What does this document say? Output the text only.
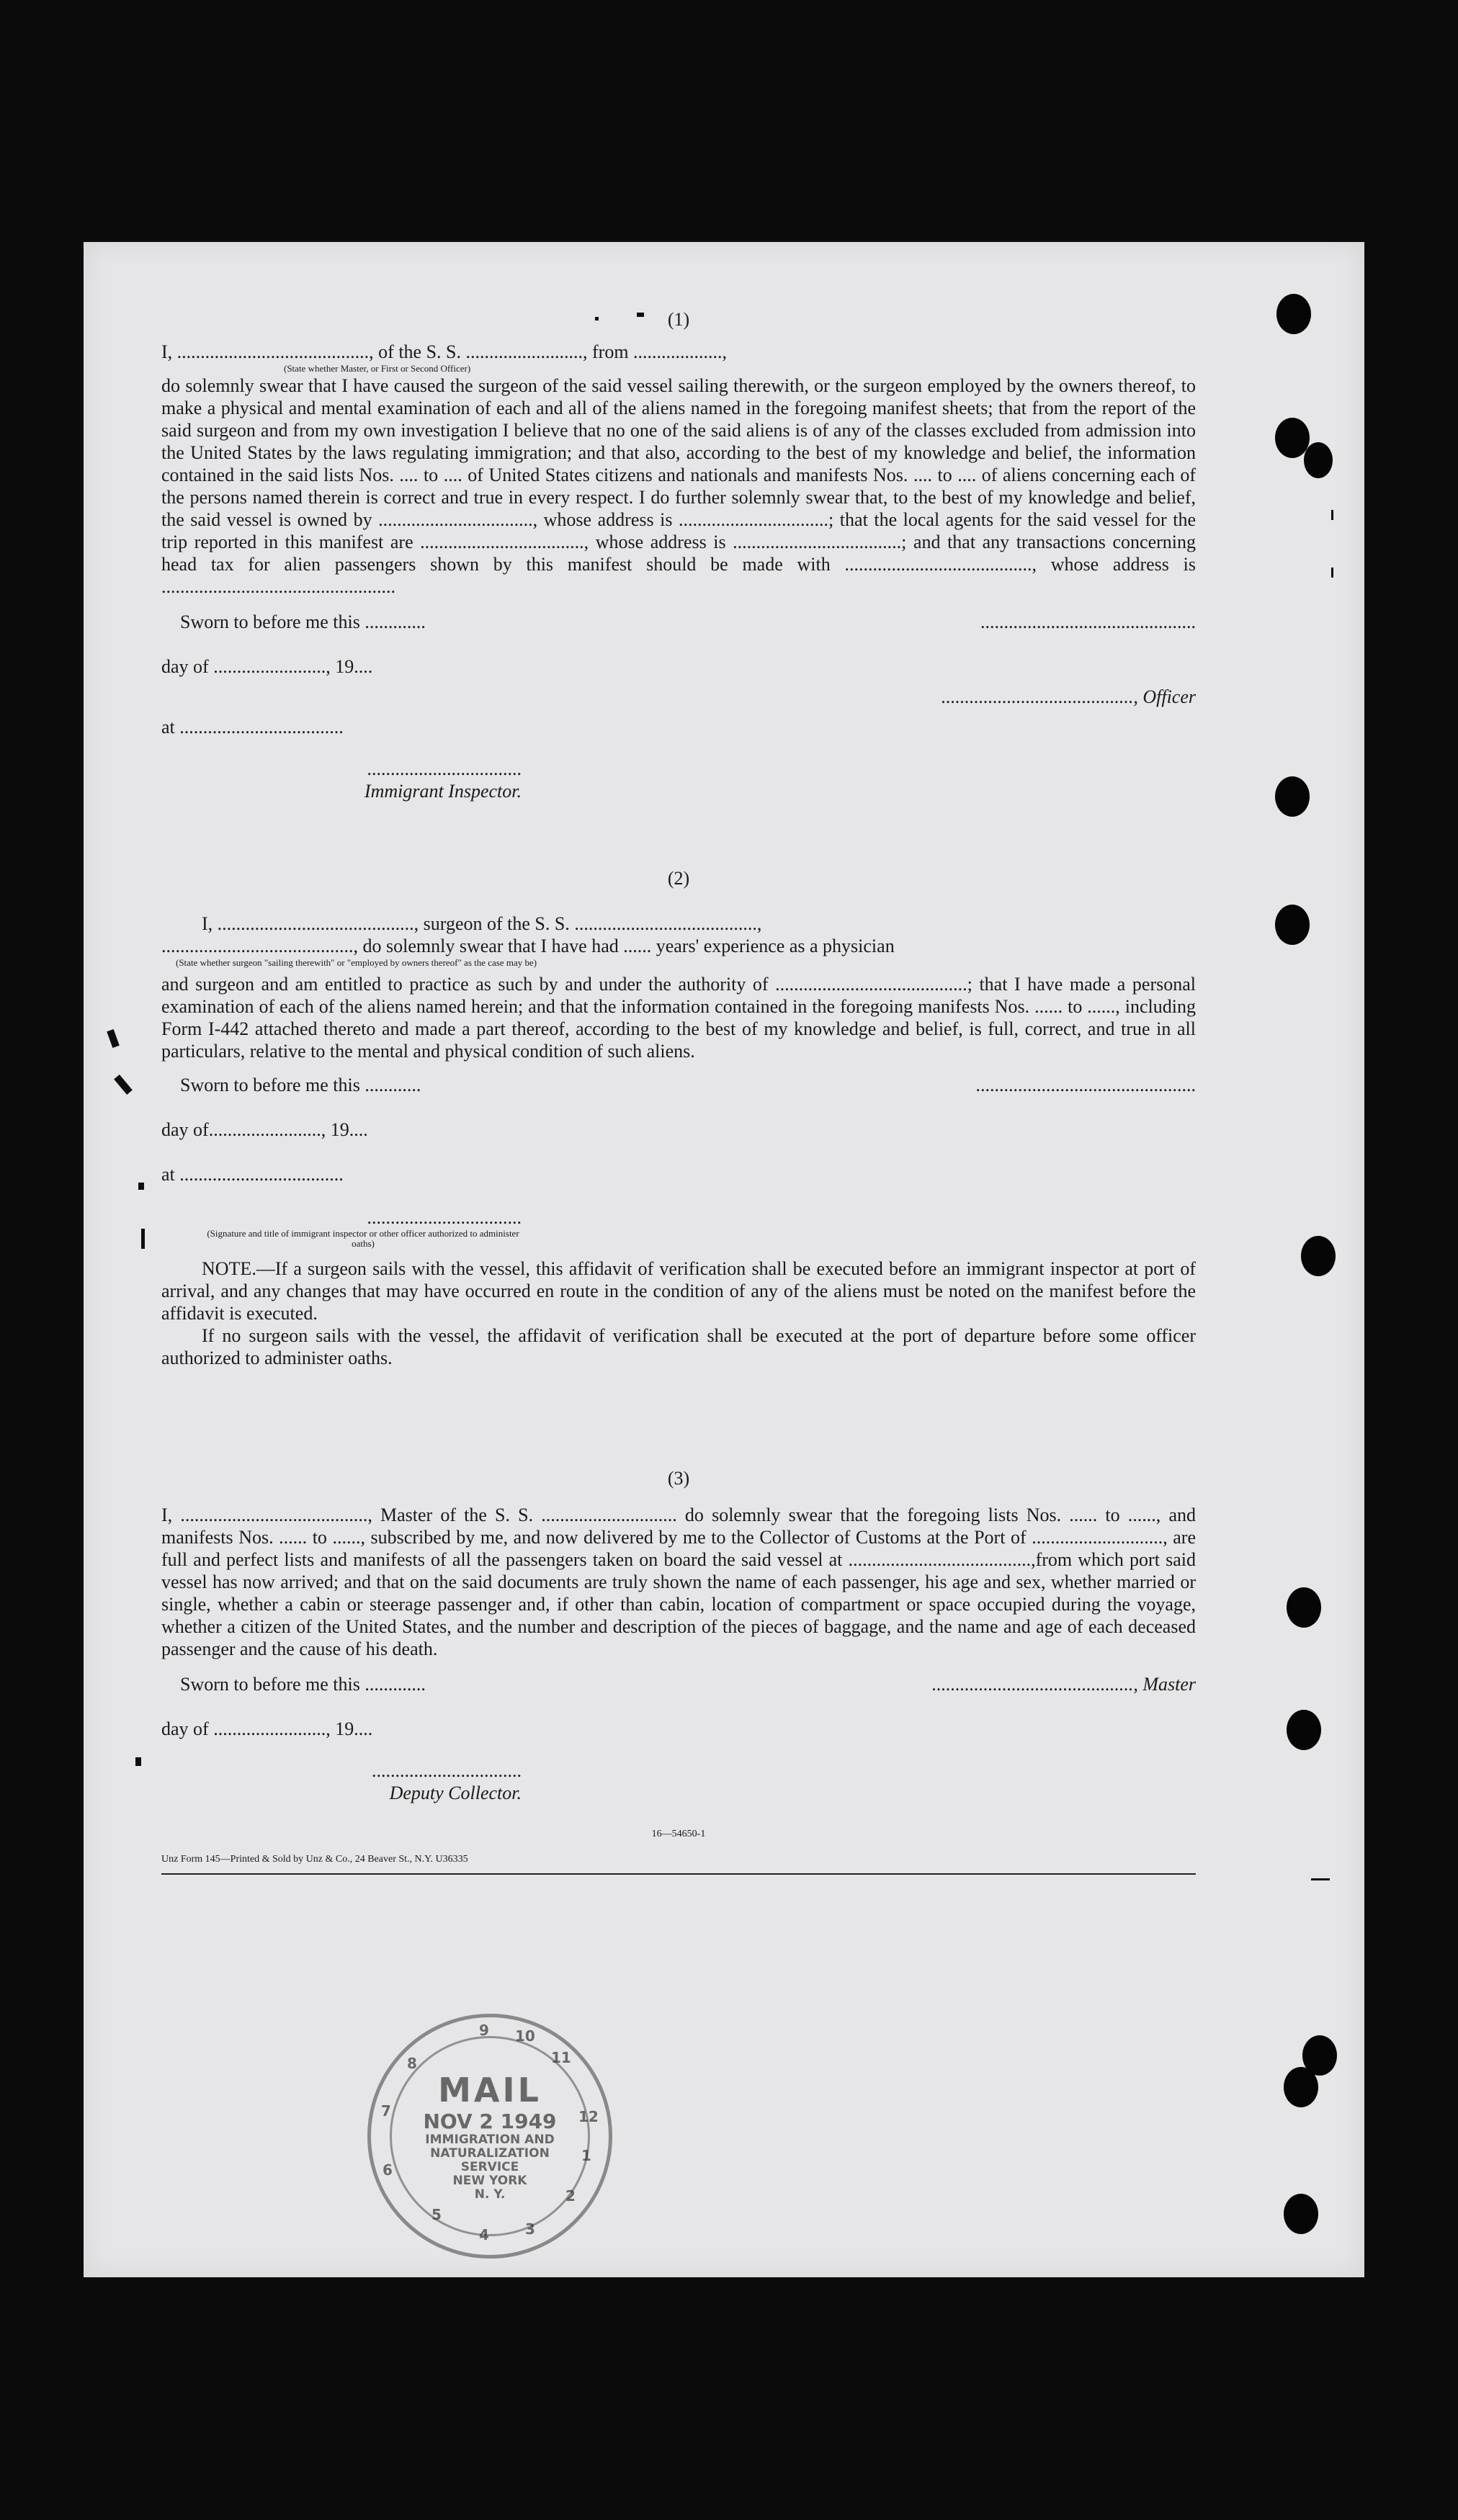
(1)
I, ........................................., of the S. S. ........................., from ...................,
(State whether Master, or First or Second Officer)
do solemnly swear that I have caused the surgeon of the said vessel sailing therewith, or the surgeon employed by the owners thereof, to make a physical and mental examination of each and all of the aliens named in the foregoing manifest sheets; that from the report of the said surgeon and from my own investigation I believe that no one of the said aliens is of any of the classes excluded from admission into the United States by the laws regulating immigration; and that also, according to the best of my knowledge and belief, the information contained in the said lists Nos. .... to .... of United States citizens and nationals and manifests Nos. .... to .... of aliens concerning each of the persons named therein is correct and true in every respect. I do further solemnly swear that, to the best of my knowledge and belief, the said vessel is owned by ................................., whose address is ................................; that the local agents for the said vessel for the trip reported in this manifest are ..................................., whose address is ....................................; and that any transactions concerning head tax for alien passengers shown by this manifest should be made with ........................................, whose address is ..................................................
Sworn to before me this .............	..............................................
day of ........................, 19....
........................................., Officer
at ...................................
.................................
Immigrant Inspector.
(2)
I, .........................................., surgeon of the S. S. .......................................,
........................................., do solemnly swear that I have had ...... years' experience as a physician
(State whether surgeon "sailing therewith" or "employed by owners thereof" as the case may be)
and surgeon and am entitled to practice as such by and under the authority of .........................................; that I have made a personal examination of each of the aliens named herein; and that the information contained in the foregoing manifests Nos. ...... to ......, including Form I-442 attached thereto and made a part thereof, according to the best of my knowledge and belief, is full, correct, and true in all particulars, relative to the mental and physical condition of such aliens.
Sworn to before me this ............	...............................................
day of........................, 19....
at ...................................
.................................
(Signature and title of immigrant inspector or other officer authorized to administer oaths)
NOTE.—If a surgeon sails with the vessel, this affidavit of verification shall be executed before an immigrant inspector at port of arrival, and any changes that may have occurred en route in the condition of any of the aliens must be noted on the manifest before the affidavit is executed.
If no surgeon sails with the vessel, the affidavit of verification shall be executed at the port of departure before some officer authorized to administer oaths.
(3)
I, ........................................, Master of the S. S. ............................. do solemnly swear that the foregoing lists Nos. ...... to ......, and manifests Nos. ...... to ......, subscribed by me, and now delivered by me to the Collector of Customs at the Port of ............................, are full and perfect lists and manifests of all the passengers taken on board the said vessel at .......................................,from which port said vessel has now arrived; and that on the said documents are truly shown the name of each passenger, his age and sex, whether married or single, whether a cabin or steerage passenger and, if other than cabin, location of compartment or space occupied during the voyage, whether a citizen of the United States, and the number and description of the pieces of baggage, and the name and age of each deceased passenger and the cause of his death.
Sworn to before me this .............	..........................................., Master
day of ........................, 19....
................................
Deputy Collector.
16—54650-1
Unz Form 145—Printed & Sold by Unz & Co., 24 Beaver St., N.Y. U36335
9 10
11
12
1
2
3
4
5
6
7
8
MAIL
NOV 2 1949
IMMIGRATION AND NATURALIZATION SERVICE
NEW YORK
N. Y.
